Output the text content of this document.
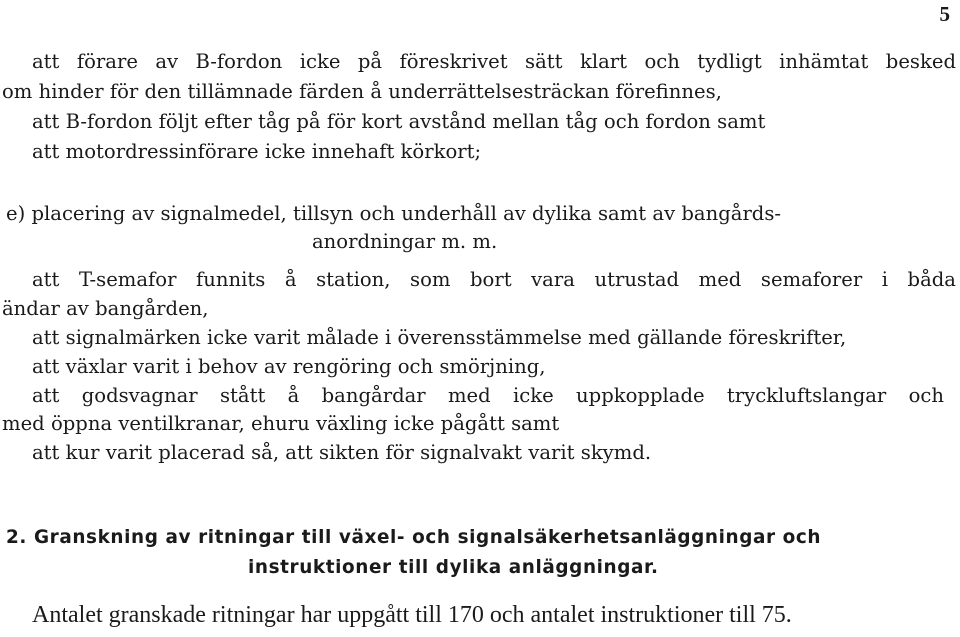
5
att förare av B-fordon icke på föreskrivet sätt klart och tydligt inhämtat besked
om hinder för den tillämnade färden å underrättelsesträckan förefinnes,
att B-fordon följt efter tåg på för kort avstånd mellan tåg och fordon samt
att motordressinförare icke innehaft körkort;
e) placering av signalmedel, tillsyn och underhåll av dylika samt av bangårds-
anordningar m. m.
att T-semafor funnits å station, som bort vara utrustad med semaforer i båda
ändar av bangården,
att signalmärken icke varit målade i överensstämmelse med gällande föreskrifter,
att växlar varit i behov av rengöring och smörjning,
att godsvagnar stått å bangårdar med icke uppkopplade tryckluftslangar och
med öppna ventilkranar, ehuru växling icke pågått samt
att kur varit placerad så, att sikten för signalvakt varit skymd.
2. Granskning av ritningar till växel- och signalsäkerhetsanläggningar och
instruktioner till dylika anläggningar.
Antalet granskade ritningar har uppgått till 170 och antalet instruktioner till 75.
